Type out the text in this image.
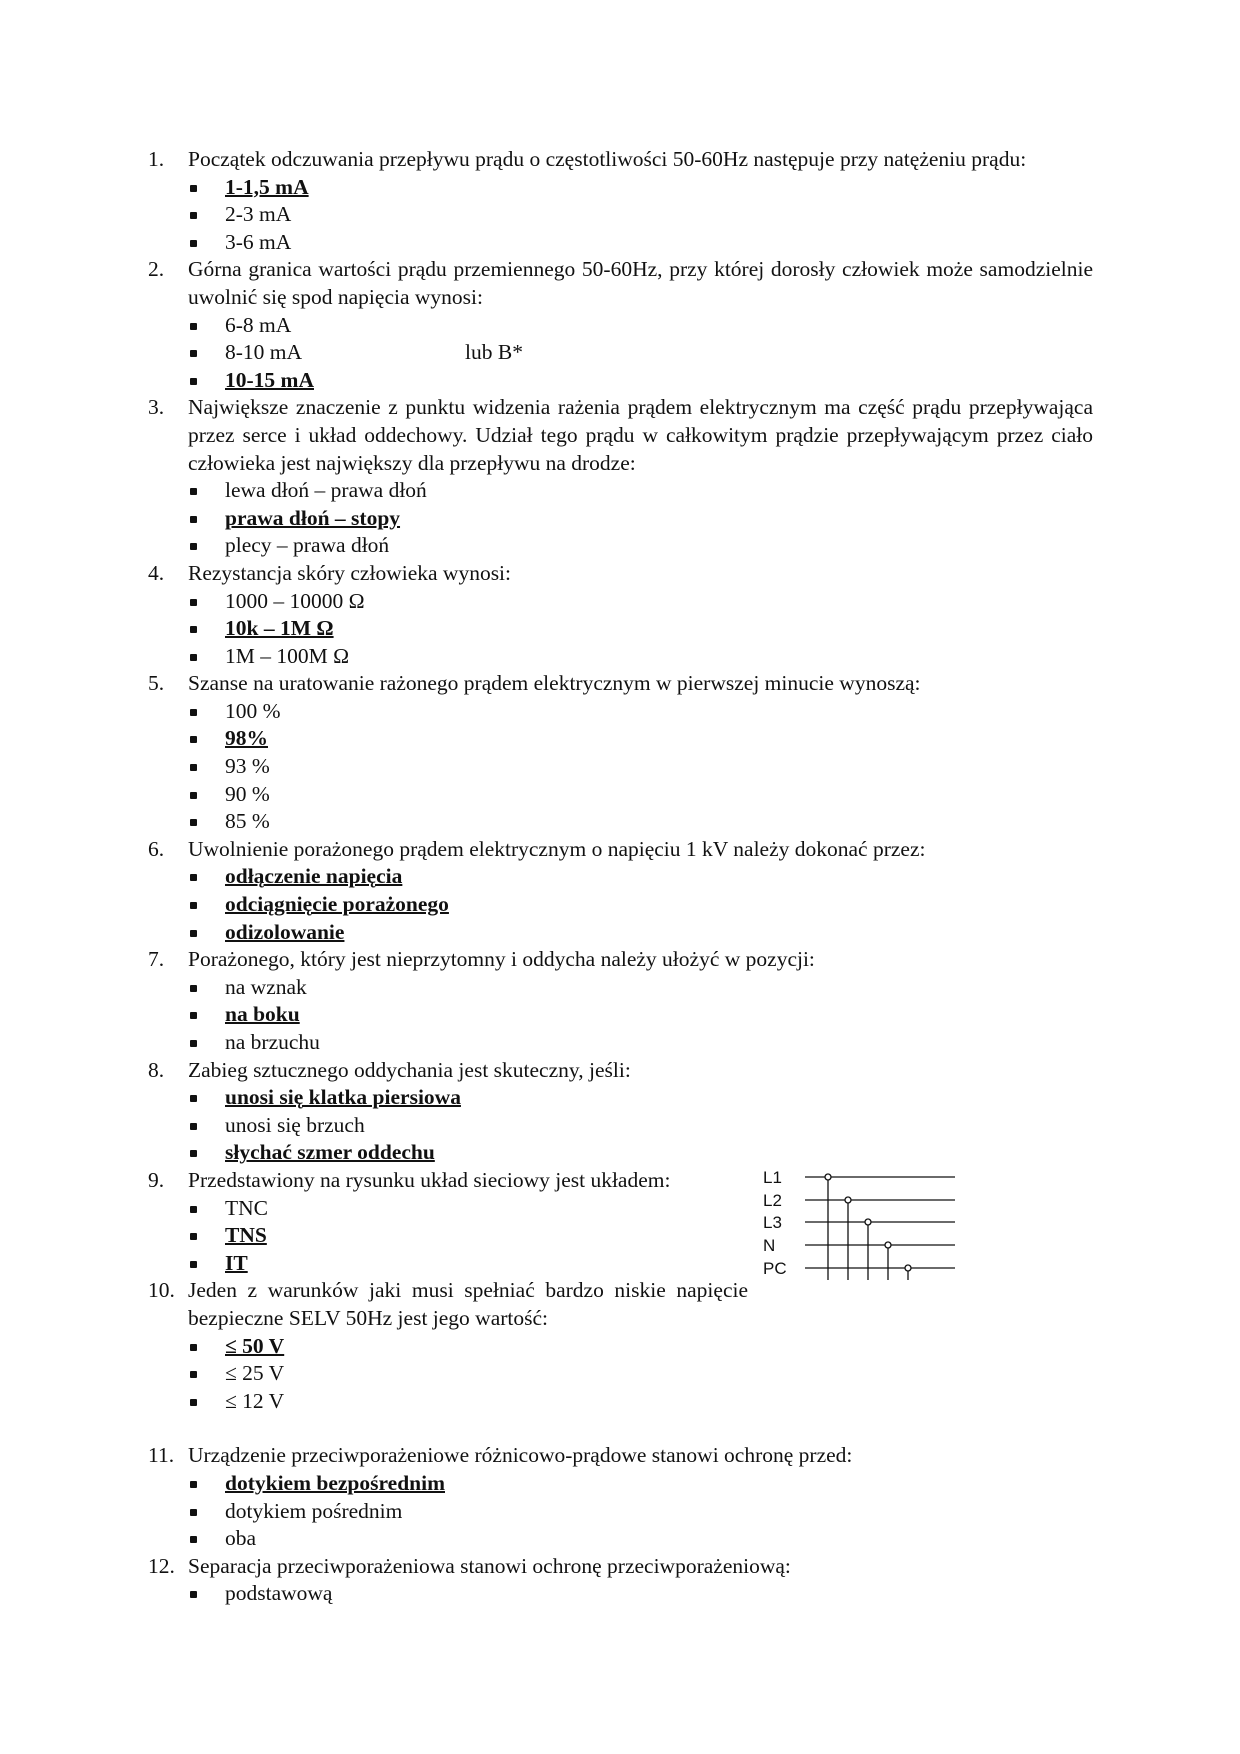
1.	Początek odczuwania przepływu prądu o częstotliwości 50-60Hz następuje przy natężeniu prądu:
1-1,5 mA
2-3 mA
3-6 mA
2.	Górna granica wartości prądu przemiennego 50-60Hz, przy której dorosły człowiek może samodzielnie uwolnić się spod napięcia wynosi:
6-8 mA
8-10 mA	lub B*
10-15 mA
3.	Największe znaczenie z punktu widzenia rażenia prądem elektrycznym ma część prądu przepływająca przez serce i układ oddechowy. Udział tego prądu w całkowitym prądzie przepływającym przez ciało człowieka jest największy dla przepływu na drodze:
lewa dłoń – prawa dłoń
prawa dłoń – stopy
plecy – prawa dłoń
4.	Rezystancja skóry człowieka wynosi:
1000 – 10000 Ω
10k – 1M Ω
1M – 100M Ω
5.	Szanse na uratowanie rażonego prądem elektrycznym w pierwszej minucie wynoszą:
100 %
98%
93 %
90 %
85 %
6.	Uwolnienie porażonego prądem elektrycznym o napięciu 1 kV należy dokonać przez:
odłączenie napięcia
odciągnięcie porażonego
odizolowanie
7.	Porażonego, który jest nieprzytomny i oddycha należy ułożyć w pozycji:
na wznak
na boku
na brzuchu
8.	Zabieg sztucznego oddychania jest skuteczny, jeśli:
unosi się klatka piersiowa
unosi się brzuch
słychać szmer oddechu
9.	Przedstawiony na rysunku układ sieciowy jest układem:
TNC
TNS
IT
10. Jeden z warunków jaki musi spełniać bardzo niskie napięcie bezpieczne SELV 50Hz jest jego wartość:
≤ 50 V
≤ 25 V
≤ 12 V
11. Urządzenie przeciwporażeniowe różnicowo-prądowe stanowi ochronę przed:
dotykiem bezpośrednim
dotykiem pośrednim
oba
12. Separacja przeciwporażeniowa stanowi ochronę przeciwporażeniową:
podstawową
L1
L2
L3
N
PC
